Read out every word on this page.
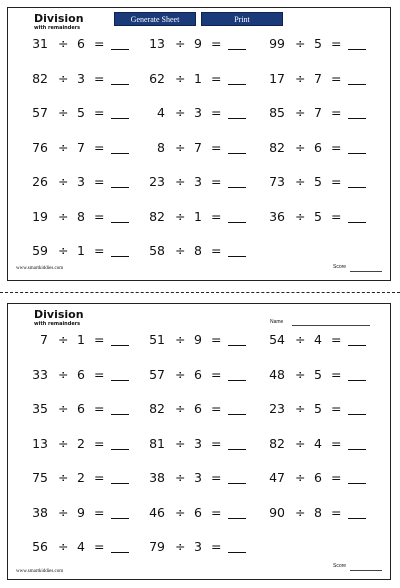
Division
with remainders
Generate Sheet	Print
31 ÷ 6 =	13 ÷ 9 =	99 ÷ 5 =
82 ÷ 3 =	62 ÷ 1 =	17 ÷ 7 =
57 ÷ 5 =	4 ÷ 3 =	85 ÷ 7 =
76 ÷ 7 =	8 ÷ 7 =	82 ÷ 6 =
26 ÷ 3 =	23 ÷ 3 =	73 ÷ 5 =
19 ÷ 8 =	82 ÷ 1 =	36 ÷ 5 =
59 ÷ 1 =	58 ÷ 8 =
www.smartkiddies.com	Score
Division
with remainders	Name
7 ÷ 1 =	51 ÷ 9 =	54 ÷ 4 =
33 ÷ 6 =	57 ÷ 6 =	48 ÷ 5 =
35 ÷ 6 =	82 ÷ 6 =	23 ÷ 5 =
13 ÷ 2 =	81 ÷ 3 =	82 ÷ 4 =
75 ÷ 2 =	38 ÷ 3 =	47 ÷ 6 =
38 ÷ 9 =	46 ÷ 6 =	90 ÷ 8 =
56 ÷ 4 =	79 ÷ 3 =
www.smartkiddies.com
Score
